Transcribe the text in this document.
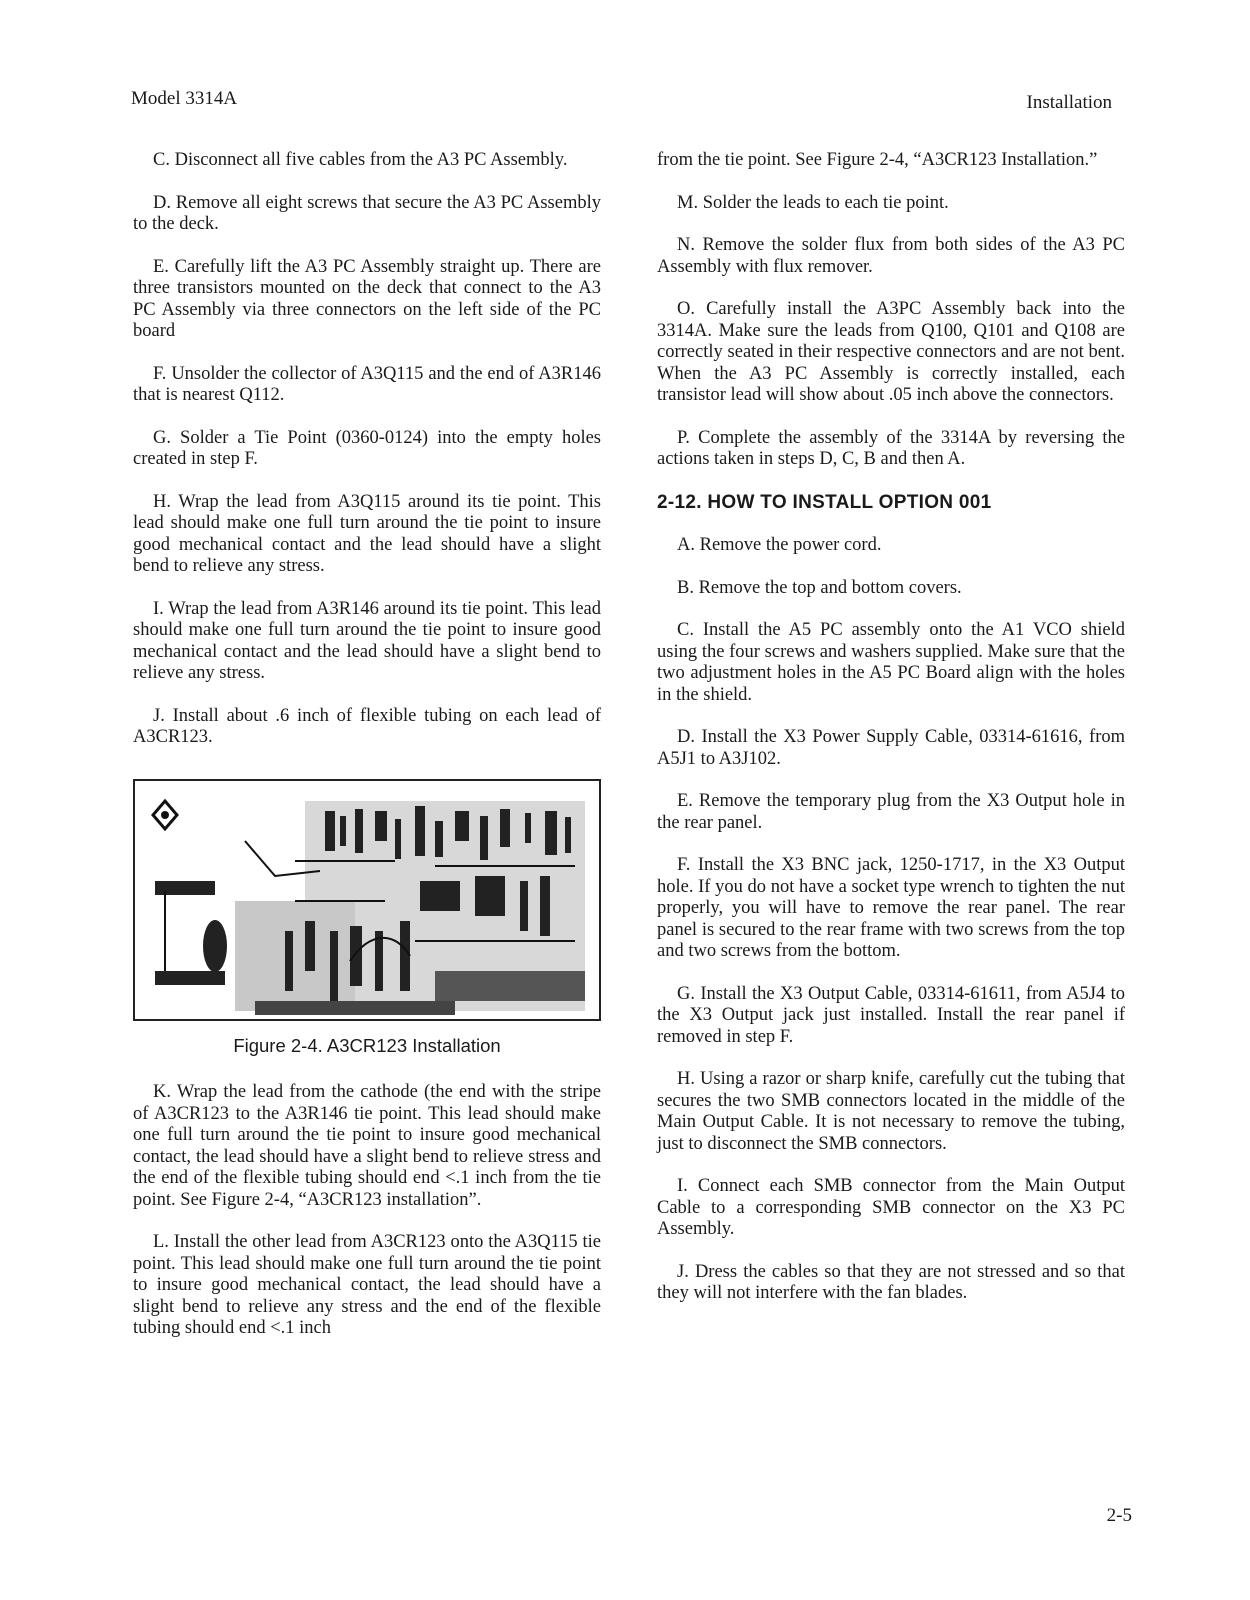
Model 3314A	Installation

C. Disconnect all five cables from the A3 PC Assembly.

D. Remove all eight screws that secure the A3 PC Assembly to the deck.

E. Carefully lift the A3 PC Assembly straight up. There are three transistors mounted on the deck that connect to the A3 PC Assembly via three connectors on the left side of the PC board

F. Unsolder the collector of A3Q115 and the end of A3R146 that is nearest Q112.

G. Solder a Tie Point (0360-0124) into the empty holes created in step F.

H. Wrap the lead from A3Q115 around its tie point. This lead should make one full turn around the tie point to insure good mechanical contact and the lead should have a slight bend to relieve any stress.

I. Wrap the lead from A3R146 around its tie point. This lead should make one full turn around the tie point to insure good mechanical contact and the lead should have a slight bend to relieve any stress.

J. Install about .6 inch of flexible tubing on each lead of A3CR123.

Figure 2-4. A3CR123 Installation

K. Wrap the lead from the cathode (the end with the stripe of A3CR123 to the A3R146 tie point. This lead should make one full turn around the tie point to insure good mechanical contact, the lead should have a slight bend to relieve stress and the end of the flexible tubing should end <.1 inch from the tie point. See Figure 2-4, “A3CR123 installation”.

L. Install the other lead from A3CR123 onto the A3Q115 tie point. This lead should make one full turn around the tie point to insure good mechanical contact, the lead should have a slight bend to relieve any stress and the end of the flexible tubing should end <.1 inch

from the tie point. See Figure 2-4, “A3CR123 Installation.”

M. Solder the leads to each tie point.

N. Remove the solder flux from both sides of the A3 PC Assembly with flux remover.

O. Carefully install the A3PC Assembly back into the 3314A. Make sure the leads from Q100, Q101 and Q108 are correctly seated in their respective connectors and are not bent. When the A3 PC Assembly is correctly installed, each transistor lead will show about .05 inch above the connectors.

P. Complete the assembly of the 3314A by reversing the actions taken in steps D, C, B and then A.

2-12. HOW TO INSTALL OPTION 001

A. Remove the power cord.

B. Remove the top and bottom covers.

C. Install the A5 PC assembly onto the A1 VCO shield using the four screws and washers supplied. Make sure that the two adjustment holes in the A5 PC Board align with the holes in the shield.

D. Install the X3 Power Supply Cable, 03314-61616, from A5J1 to A3J102.

E. Remove the temporary plug from the X3 Output hole in the rear panel.

F. Install the X3 BNC jack, 1250-1717, in the X3 Output hole. If you do not have a socket type wrench to tighten the nut properly, you will have to remove the rear panel. The rear panel is secured to the rear frame with two screws from the top and two screws from the bottom.

G. Install the X3 Output Cable, 03314-61611, from A5J4 to the X3 Output jack just installed. Install the rear panel if removed in step F.

H. Using a razor or sharp knife, carefully cut the tubing that secures the two SMB connectors located in the middle of the Main Output Cable. It is not necessary to remove the tubing, just to disconnect the SMB connectors.

I. Connect each SMB connector from the Main Output Cable to a corresponding SMB connector on the X3 PC Assembly.

J. Dress the cables so that they are not stressed and so that they will not interfere with the fan blades.

2-5
